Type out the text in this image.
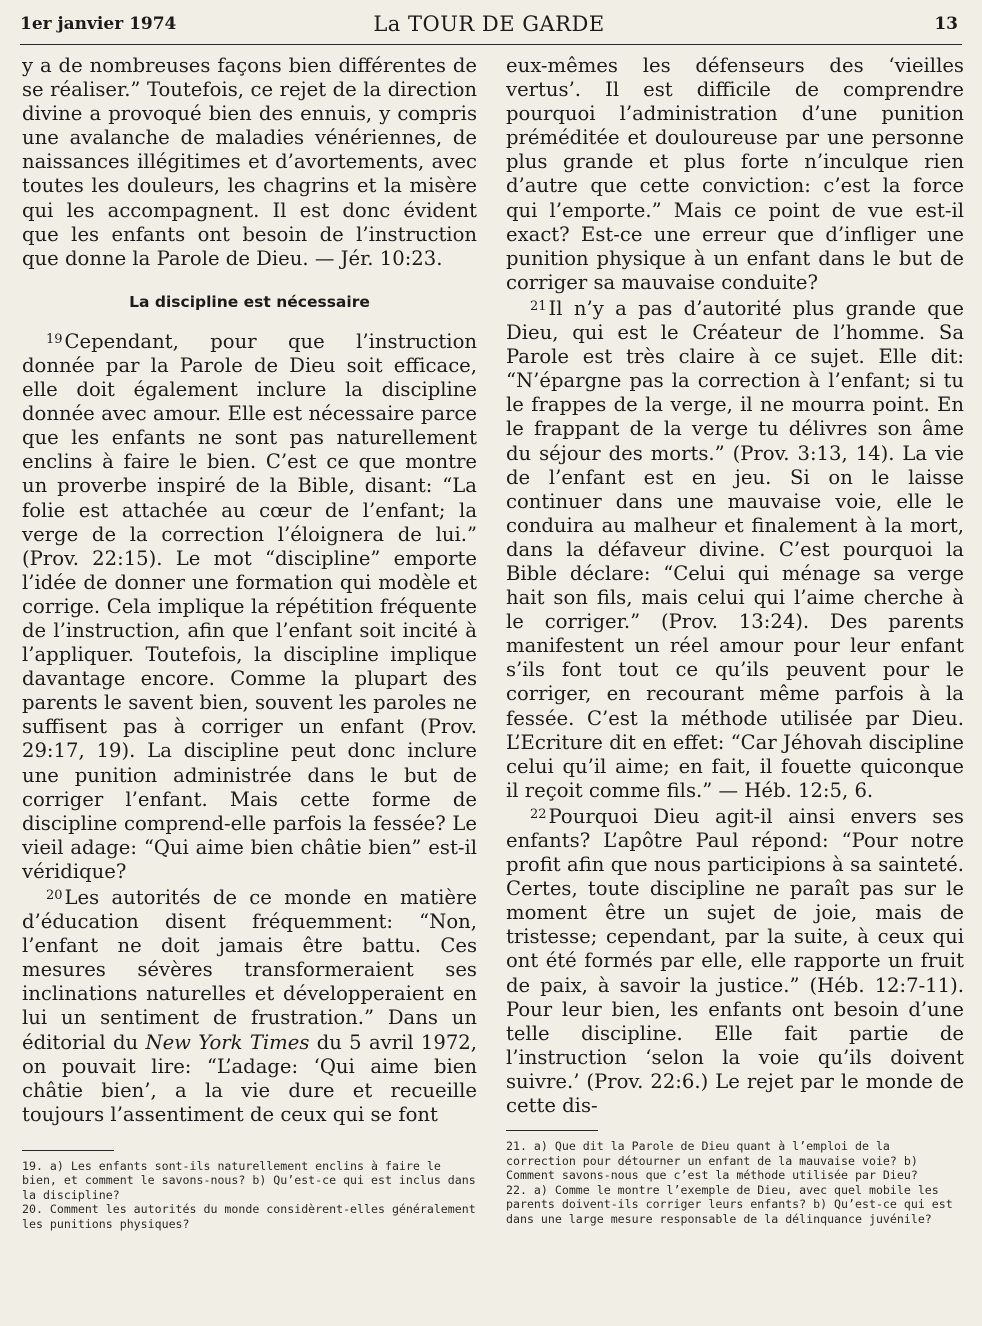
1er janvier 1974	La TOUR DE GARDE	13

y a de nombreuses façons bien différentes de se réaliser.” Toutefois, ce rejet de la direction divine a provoqué bien des ennuis, y compris une avalanche de maladies vénériennes, de naissances illégitimes et d’avortements, avec toutes les douleurs, les chagrins et la misère qui les accompagnent. Il est donc évident que les enfants ont besoin de l’instruction que donne la Parole de Dieu. — Jér. 10:23.

La discipline est nécessaire

$^{19}$ Cependant, pour que l’instruction donnée par la Parole de Dieu soit efficace, elle doit également inclure la discipline donnée avec amour. Elle est nécessaire parce que les enfants ne sont pas naturellement enclins à faire le bien. C’est ce que montre un proverbe inspiré de la Bible, disant: “La folie est attachée au cœur de l’enfant; la verge de la correction l’éloignera de lui.” (Prov. 22:15). Le mot “discipline” emporte l’idée de donner une formation qui modèle et corrige. Cela implique la répétition fréquente de l’instruction, afin que l’enfant soit incité à l’appliquer. Toutefois, la discipline implique davantage encore. Comme la plupart des parents le savent bien, souvent les paroles ne suffisent pas à corriger un enfant (Prov. 29:17, 19). La discipline peut donc inclure une punition administrée dans le but de corriger l’enfant. Mais cette forme de discipline comprend-elle parfois la fessée? Le vieil adage: “Qui aime bien châtie bien” est-il véridique?

$^{20}$ Les autorités de ce monde en matière d’éducation disent fréquemment: “Non, l’enfant ne doit jamais être battu. Ces mesures sévères transformeraient ses inclinations naturelles et développeraient en lui un sentiment de frustration.” Dans un éditorial du New York Times du 5 avril 1972, on pouvait lire: “L’adage: ‘Qui aime bien châtie bien’, a la vie dure et recueille toujours l’assentiment de ceux qui se font

19. a) Les enfants sont-ils naturellement enclins à faire le bien, et comment le savons-nous? b) Qu’est-ce qui est inclus dans la discipline?

20. Comment les autorités du monde considèrent-elles généralement les punitions physiques?

eux-mêmes les défenseurs des ‘vieilles vertus’. Il est difficile de comprendre pourquoi l’administration d’une punition préméditée et douloureuse par une personne plus grande et plus forte n’inculque rien d’autre que cette conviction: c’est la force qui l’emporte.” Mais ce point de vue est-il exact? Est-ce une erreur que d’infliger une punition physique à un enfant dans le but de corriger sa mauvaise conduite?

$^{21}$ Il n’y a pas d’autorité plus grande que Dieu, qui est le Créateur de l’homme. Sa Parole est très claire à ce sujet. Elle dit: “N’épargne pas la correction à l’enfant; si tu le frappes de la verge, il ne mourra point. En le frappant de la verge tu délivres son âme du séjour des morts.” (Prov. 3:13, 14). La vie de l’enfant est en jeu. Si on le laisse continuer dans une mauvaise voie, elle le conduira au malheur et finalement à la mort, dans la défaveur divine. C’est pourquoi la Bible déclare: “Celui qui ménage sa verge hait son fils, mais celui qui l’aime cherche à le corriger.” (Prov. 13:24). Des parents manifestent un réel amour pour leur enfant s’ils font tout ce qu’ils peuvent pour le corriger, en recourant même parfois à la fessée. C’est la méthode utilisée par Dieu. L’Ecriture dit en effet: “Car Jéhovah discipline celui qu’il aime; en fait, il fouette quiconque il reçoit comme fils.” — Héb. 12:5, 6.

$^{22}$ Pourquoi Dieu agit-il ainsi envers ses enfants? L’apôtre Paul répond: “Pour notre profit afin que nous participions à sa sainteté. Certes, toute discipline ne paraît pas sur le moment être un sujet de joie, mais de tristesse; cependant, par la suite, à ceux qui ont été formés par elle, elle rapporte un fruit de paix, à savoir la justice.” (Héb. 12:7-11). Pour leur bien, les enfants ont besoin d’une telle discipline. Elle fait partie de l’instruction ‘selon la voie qu’ils doivent suivre.’ (Prov. 22:6.) Le rejet par le monde de cette dis-

21. a) Que dit la Parole de Dieu quant à l’emploi de la correction pour détourner un enfant de la mauvaise voie? b) Comment savons-nous que c’est la méthode utilisée par Dieu?

22. a) Comme le montre l’exemple de Dieu, avec quel mobile les parents doivent-ils corriger leurs enfants? b) Qu’est-ce qui est dans une large mesure responsable de la délinquance juvénile?
